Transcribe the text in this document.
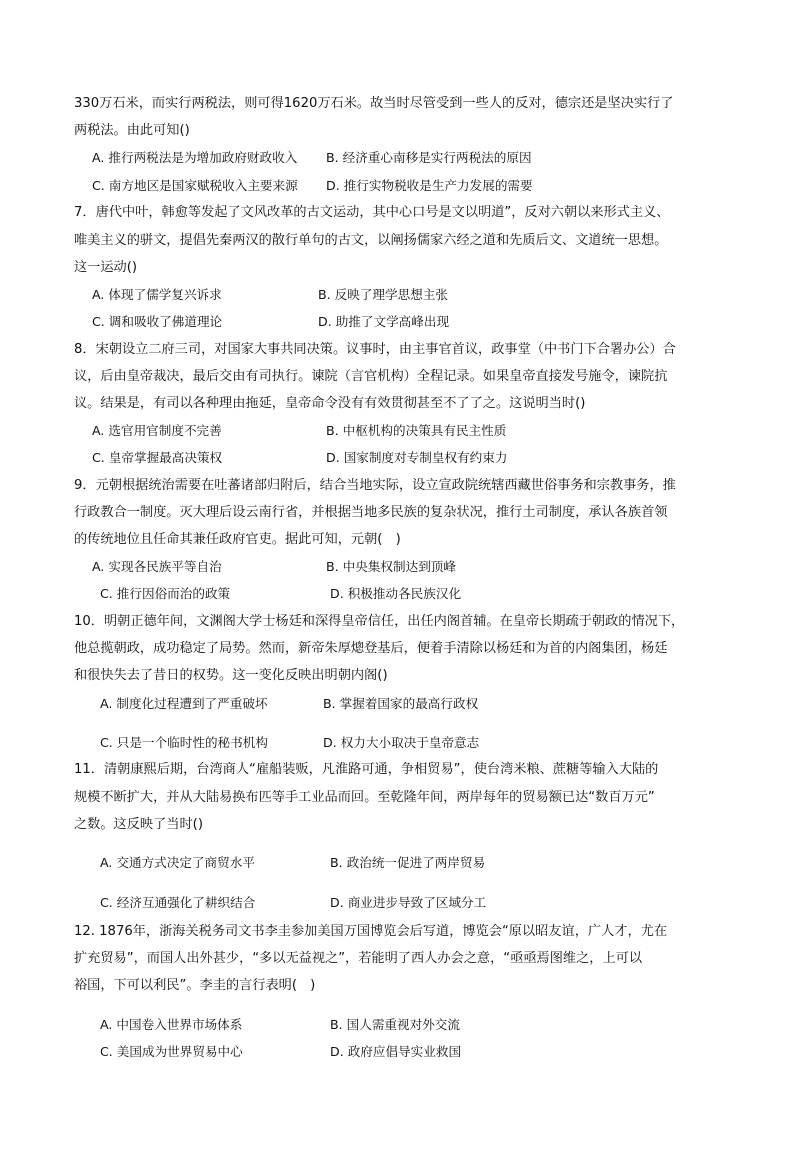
330万石米，而实行两税法，则可得1620万石米。故当时尽管受到一些人的反对，德宗还是坚决实行了
两税法。由此可知()
A. 推行两税法是为增加政府财政收入 B. 经济重心南移是实行两税法的原因
C. 南方地区是国家赋税收入主要来源 D. 推行实物税收是生产力发展的需要
7．唐代中叶，韩愈等发起了文风改革的古文运动，其中心口号是文以明道”，反对六朝以来形式主义、
唯美主义的骈文，提倡先秦两汉的散行单句的古文，以阐扬儒家六经之道和先质后文、文道统一思想。
这一运动()
A. 体现了儒学复兴诉求	B. 反映了理学思想主张
C. 调和吸收了佛道理论	D. 助推了文学高峰出现
8．宋朝设立二府三司，对国家大事共同决策。议事时，由主事官首议，政事堂（中书门下合署办公）合
议，后由皇帝裁决，最后交由有司执行。谏院（言官机构）全程记录。如果皇帝直接发号施令，谏院抗
议。结果是，有司以各种理由拖延，皇帝命令没有有效贯彻甚至不了了之。这说明当时()
A. 选官用官制度不完善	B. 中枢机构的决策具有民主性质
C. 皇帝掌握最高决策权	D. 国家制度对专制皇权有约束力
9．元朝根据统治需要在吐蕃诸部归附后，结合当地实际，设立宣政院统辖西藏世俗事务和宗教事务，推
行政教合一制度。灭大理后设云南行省，并根据当地多民族的复杂状况，推行土司制度，承认各族首领
的传统地位且任命其兼任政府官吏。据此可知，元朝(　)
A. 实现各民族平等自治	B. 中央集权制达到顶峰
C. 推行因俗而治的政策	D. 积极推动各民族汉化
10．明朝正德年间，文渊阁大学士杨廷和深得皇帝信任，出任内阁首辅。在皇帝长期疏于朝政的情况下，
他总揽朝政，成功稳定了局势。然而，新帝朱厚熜登基后，便着手清除以杨廷和为首的内阁集团，杨廷
和很快失去了昔日的权势。这一变化反映出明朝内阁()
A. 制度化过程遭到了严重破坏	B. 掌握着国家的最高行政权
C. 只是一个临时性的秘书机构	D. 权力大小取决于皇帝意志
11．清朝康熙后期，台湾商人“雇船装贩，凡淮路可通，争相贸易”，使台湾米粮、蔗糖等输入大陆的
规模不断扩大，并从大陆易换布匹等手工业品而回。至乾隆年间，两岸每年的贸易额已达“数百万元”
之数。这反映了当时()
A. 交通方式决定了商贸水平	B. 政治统一促进了两岸贸易
C. 经济互通强化了耕织结合	D. 商业进步导致了区域分工
12. 1876年，浙海关税务司文书李圭参加美国万国博览会后写道，博览会“原以昭友谊，广人才，尤在
扩充贸易”，而国人出外甚少，“多以无益视之”，若能明了西人办会之意，“亟亟焉图维之，上可以
裕国，下可以利民”。李圭的言行表明(　)
A. 中国卷入世界市场体系	B. 国人需重视对外交流
C. 美国成为世界贸易中心	D. 政府应倡导实业救国
